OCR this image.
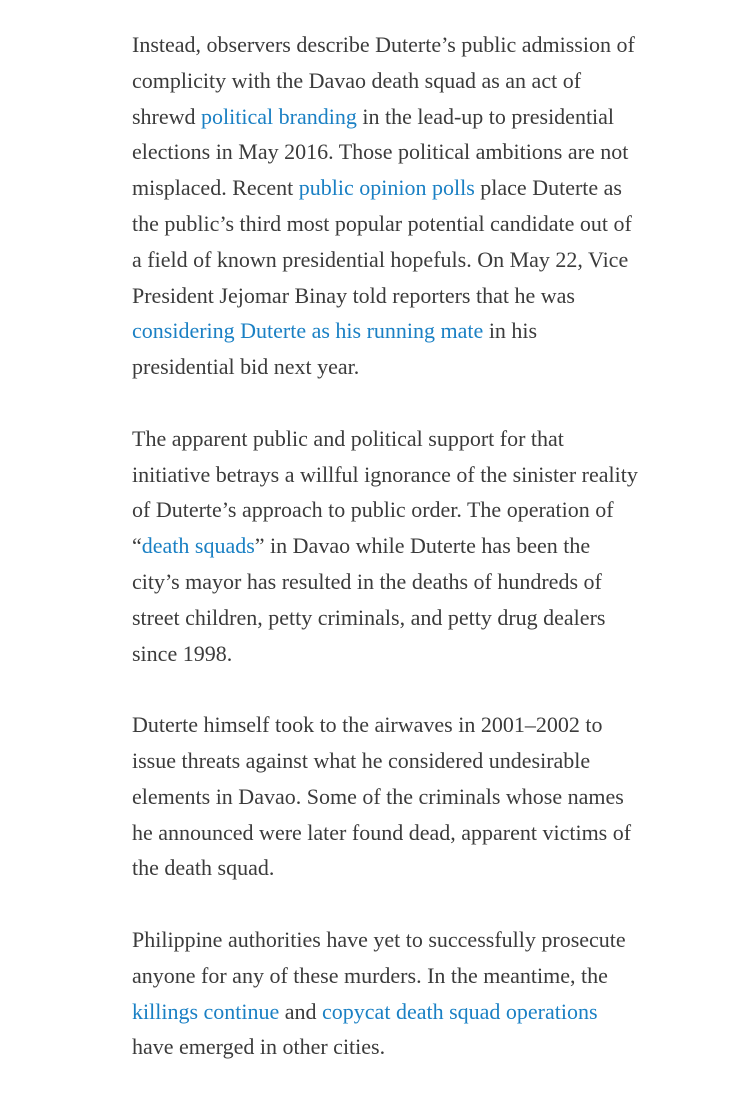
Instead, observers describe Duterte’s public admission of complicity with the Davao death squad as an act of shrewd political branding in the lead-up to presidential elections in May 2016. Those political ambitions are not misplaced. Recent public opinion polls place Duterte as the public’s third most popular potential candidate out of a field of known presidential hopefuls. On May 22, Vice President Jejomar Binay told reporters that he was considering Duterte as his running mate in his presidential bid next year.

The apparent public and political support for that initiative betrays a willful ignorance of the sinister reality of Duterte’s approach to public order. The operation of “death squads” in Davao while Duterte has been the city’s mayor has resulted in the deaths of hundreds of street children, petty criminals, and petty drug dealers since 1998.

Duterte himself took to the airwaves in 2001–2002 to issue threats against what he considered undesirable elements in Davao. Some of the criminals whose names he announced were later found dead, apparent victims of the death squad.

Philippine authorities have yet to successfully prosecute anyone for any of these murders. In the meantime, the killings continue and copycat death squad operations have emerged in other cities.
